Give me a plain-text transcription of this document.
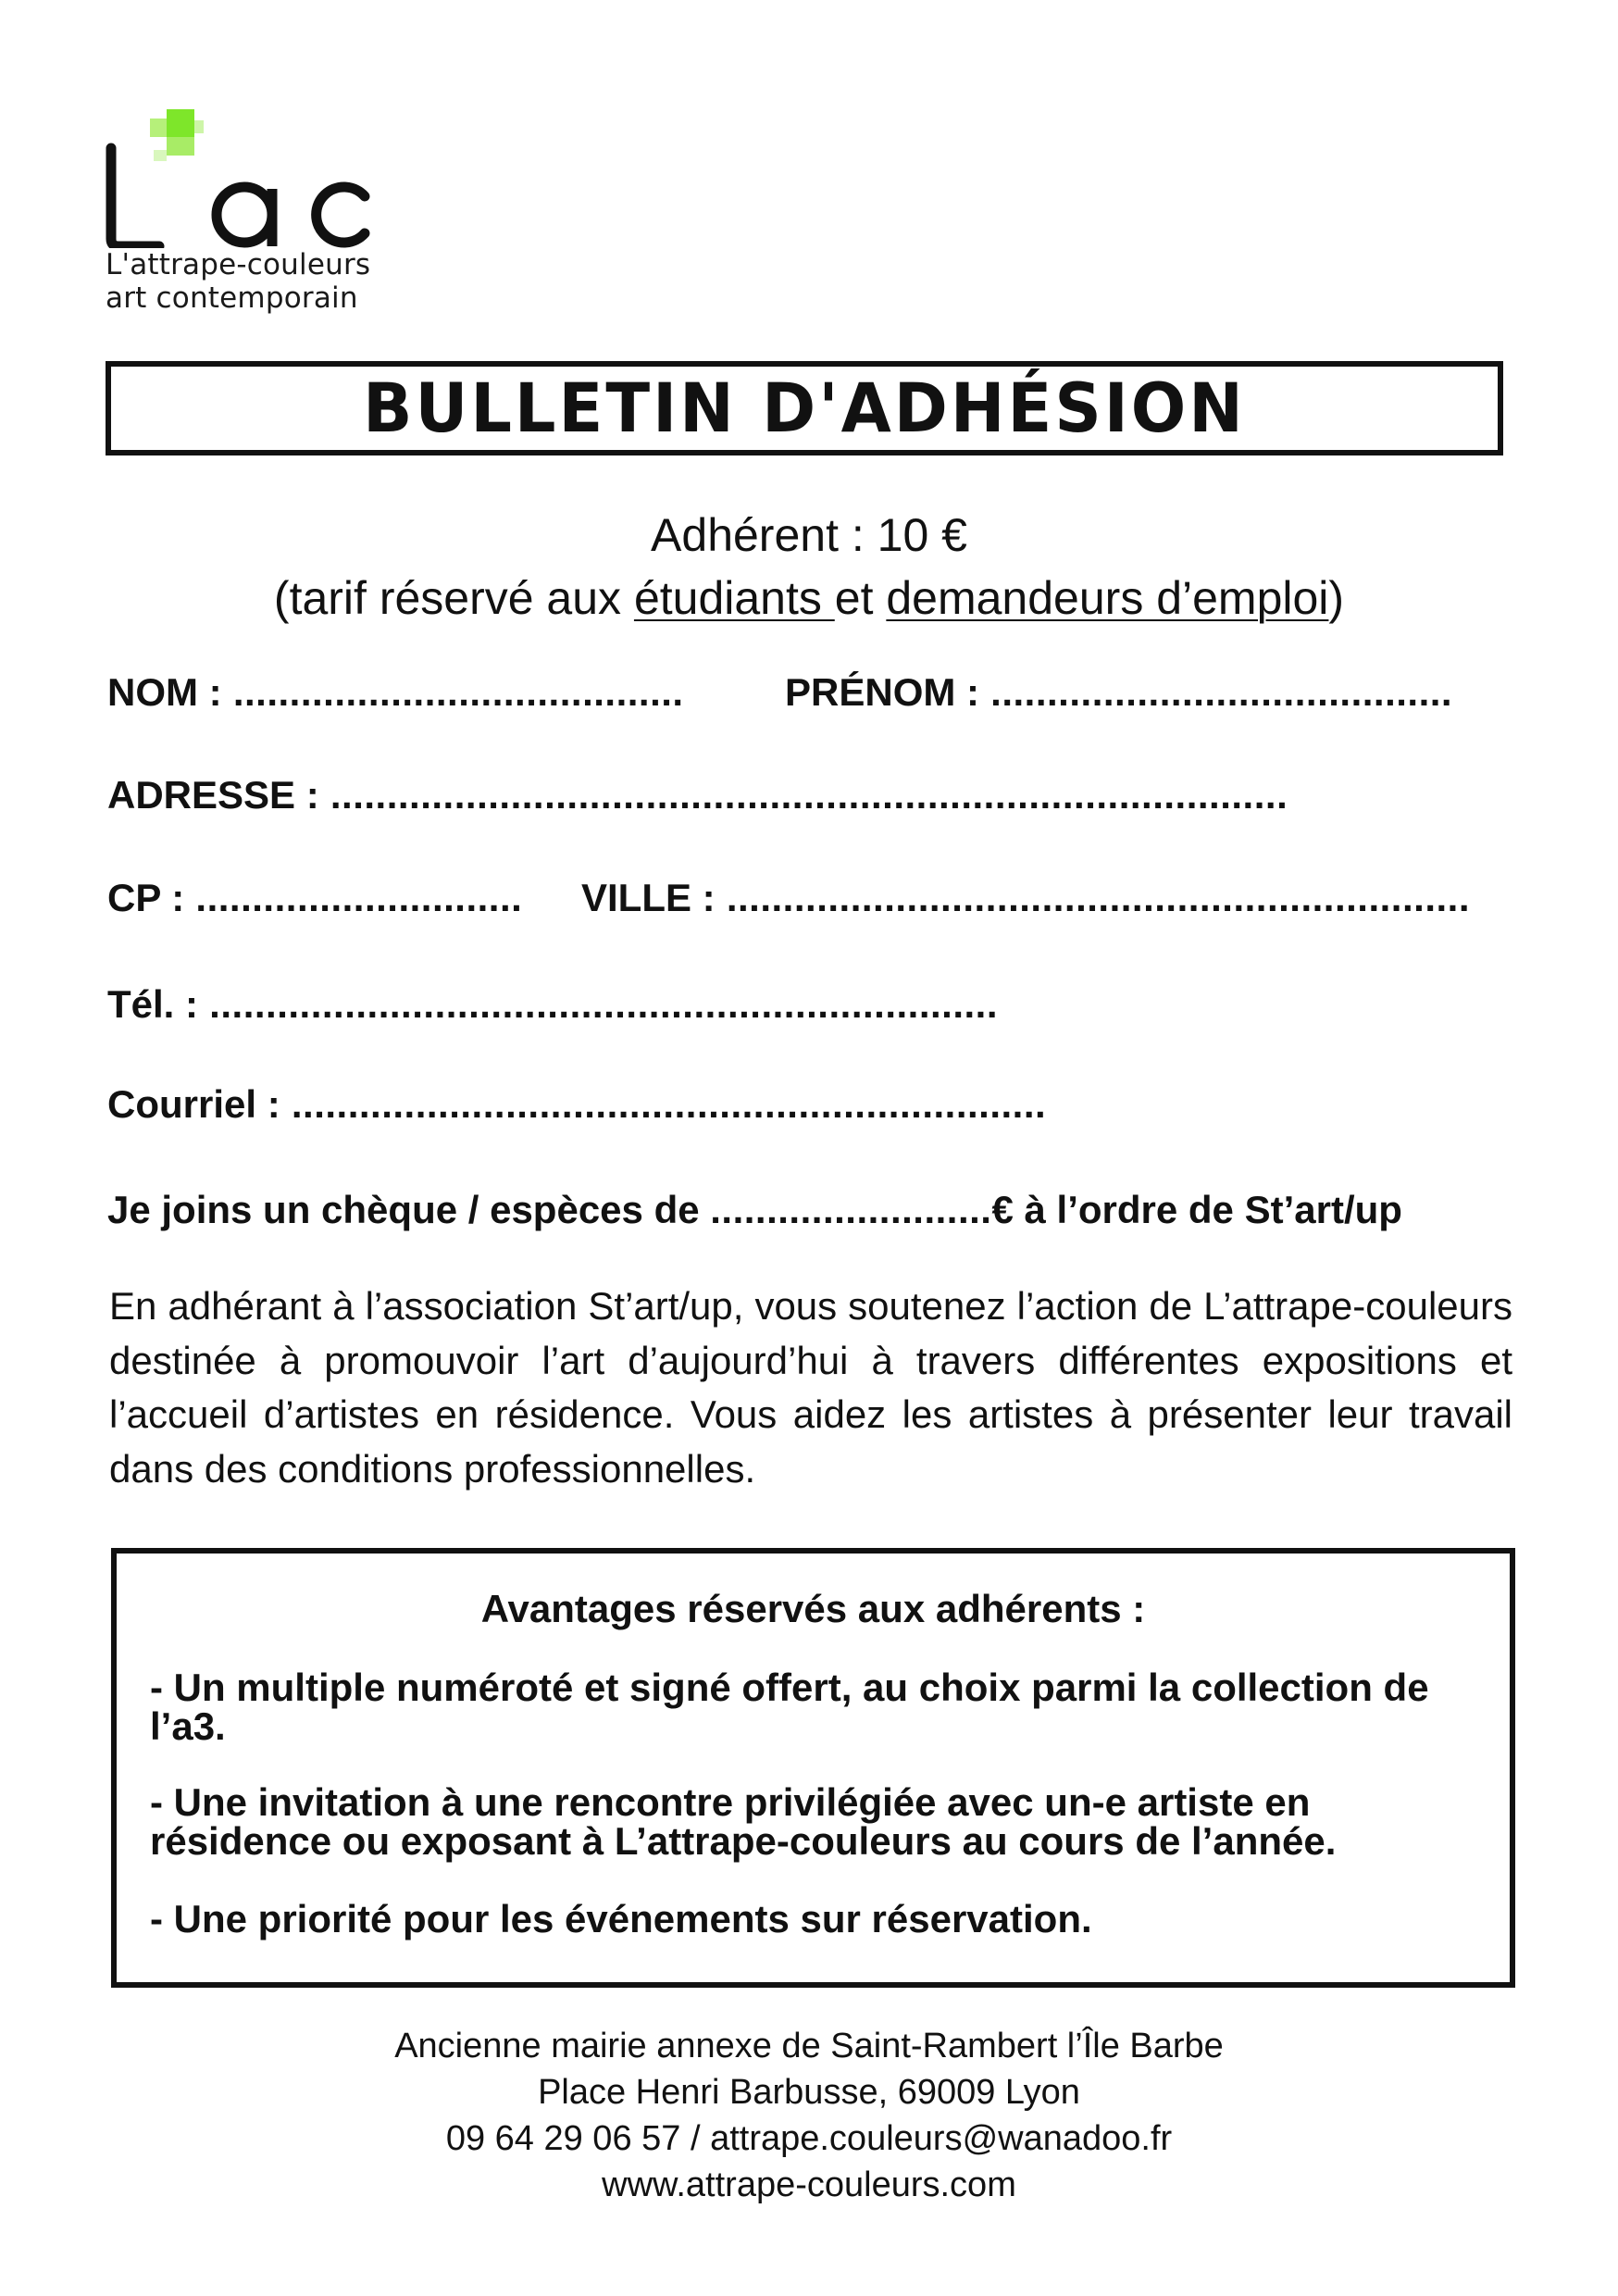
L'attrape-couleurs
art contemporain
BULLETIN D'ADHÉSION
Adhérent : 10 €
(tarif réservé aux étudiants et demandeurs d’emploi)
NOM : ........................................	PRÉNOM : .........................................
ADRESSE : .....................................................................................
CP : ............................. VILLE : ..................................................................
Tél. : ......................................................................
Courriel : ...................................................................
Je joins un chèque / espèces de .........................€ à l’ordre de St’art/up
En adhérant à l’association St’art/up, vous soutenez l’action de L’attrape-couleurs destinée à promouvoir l’art d’aujourd’hui à travers différentes expositions et l’accueil d’artistes en résidence. Vous aidez les artistes à présenter leur travail dans des conditions professionnelles.
Avantages réservés aux adhérents :
- Un multiple numéroté et signé offert, au choix parmi la collection de l’a3.
- Une invitation à une rencontre privilégiée avec un-e artiste en résidence ou exposant à L’attrape-couleurs au cours de l’année.
- Une priorité pour les événements sur réservation.
Ancienne mairie annexe de Saint-Rambert l’Île Barbe
Place Henri Barbusse, 69009 Lyon
09 64 29 06 57 / attrape.couleurs@wanadoo.fr
www.attrape-couleurs.com
